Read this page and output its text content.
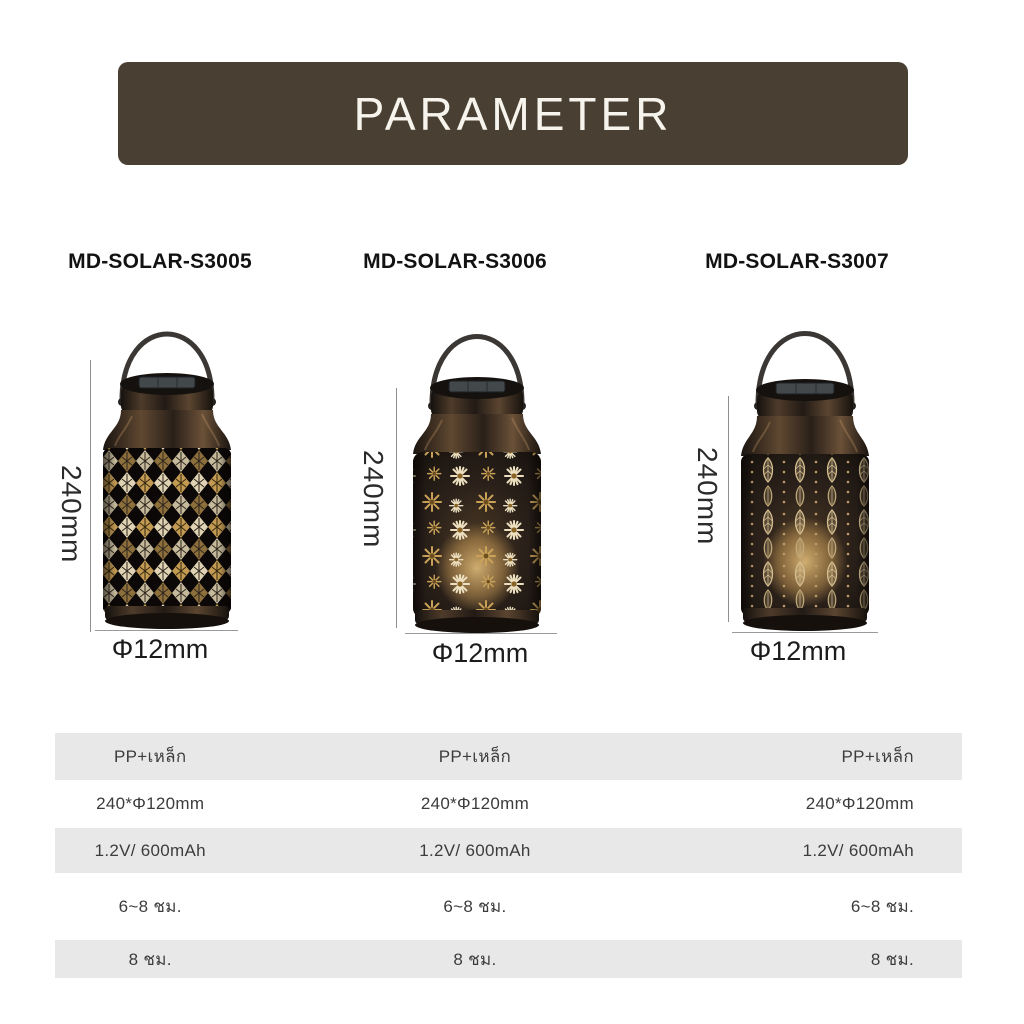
PARAMETER
MD-SOLAR-S3005	MD-SOLAR-S3006	MD-SOLAR-S3007
240mm	240mm	240mm
Φ12mm	Φ12mm	Φ12mm
PP+เหล็ก	PP+เหล็ก	PP+เหล็ก
240*Φ120mm	240*Φ120mm	240*Φ120mm
1.2V/ 600mAh	1.2V/ 600mAh	1.2V/ 600mAh
6~8 ชม.	6~8 ชม.	6~8 ชม.
8 ชม.	8 ชม.	8 ชม.
